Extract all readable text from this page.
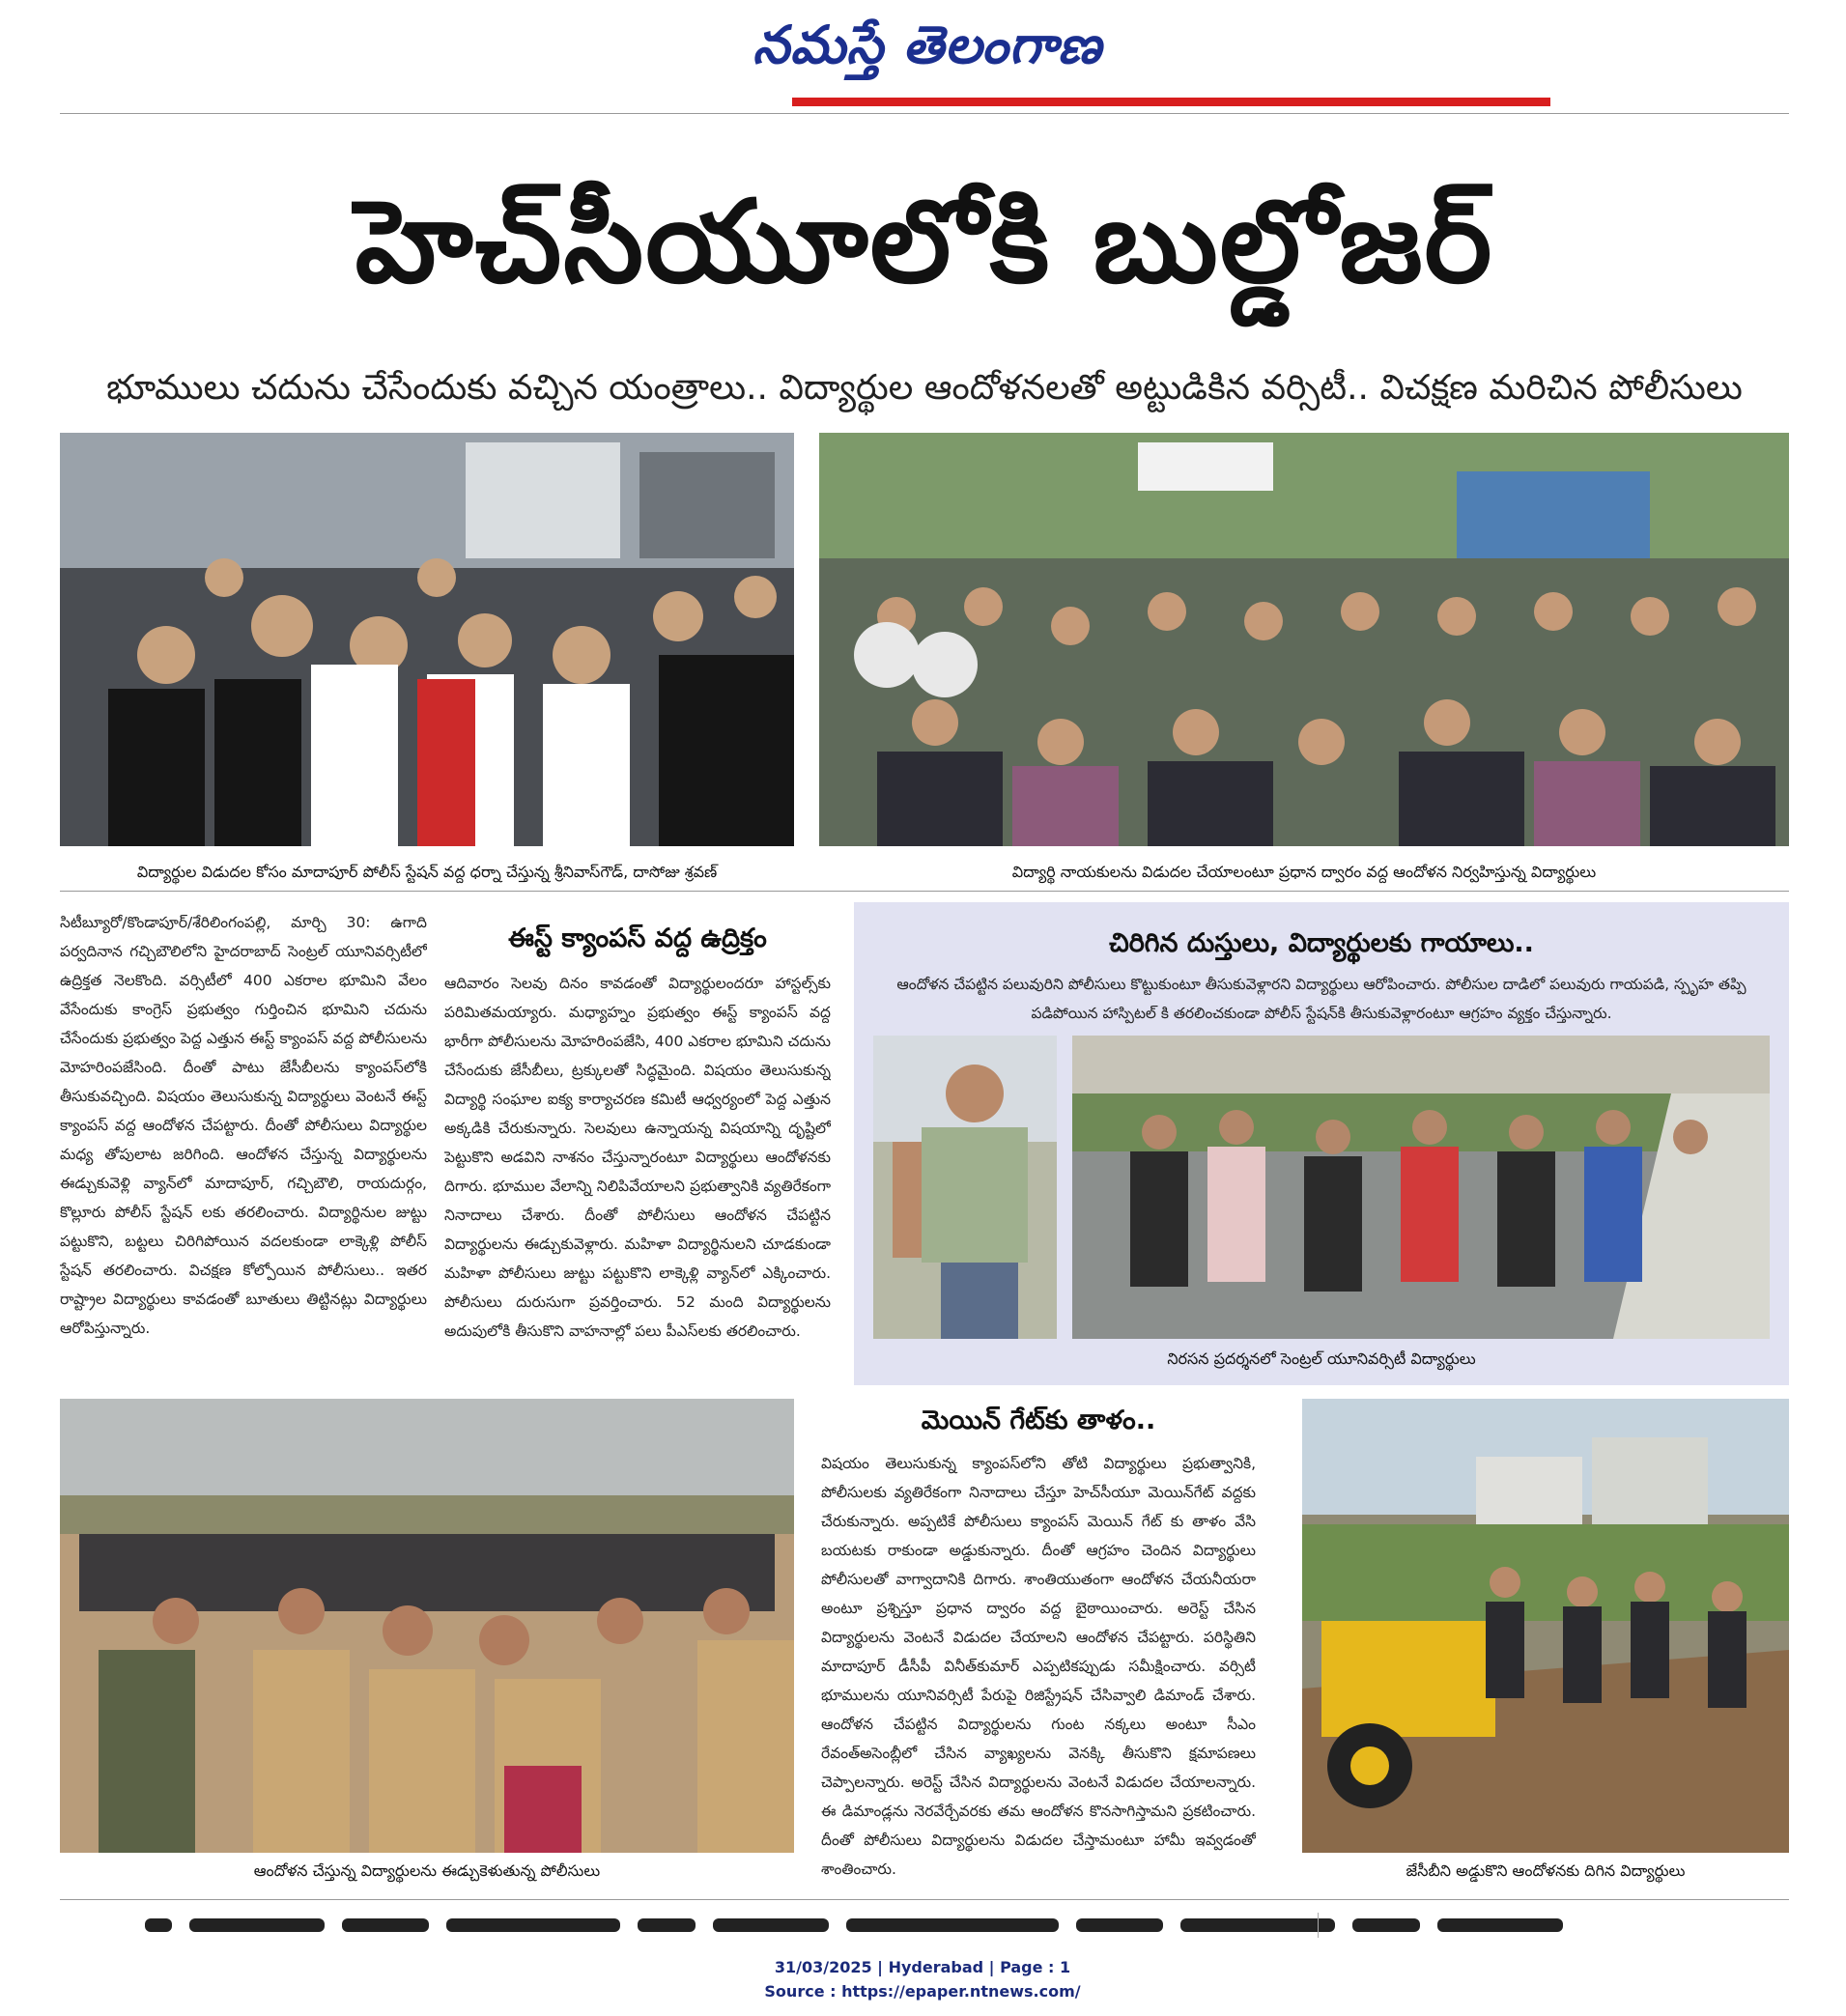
నమస్తే తెలంగాణ
హెచ్‌సీయూలోకి బుల్డోజర్
భూములు చదును చేసేందుకు వచ్చిన యంత్రాలు.. విద్యార్థుల ఆందోళనలతో అట్టుడికిన వర్సిటీ.. విచక్షణ మరిచిన పోలీసులు
విద్యార్థుల విడుదల కోసం మాదాపూర్ పోలీస్ స్టేషన్ వద్ద ధర్నా చేస్తున్న శ్రీనివాస్‌గౌడ్, దాసోజు శ్రవణ్	విద్యార్థి నాయకులను విడుదల చేయాలంటూ ప్రధాన ద్వారం వద్ద ఆందోళన నిర్వహిస్తున్న విద్యార్థులు
సిటీబ్యూరో/కొండాపూర్/శేరిలింగంపల్లి, మార్చి 30: ఉగాది పర్వదినాన గచ్చిబౌలిలోని హైదరాబాద్ సెంట్రల్ యూనివర్సిటీలో ఉద్రిక్తత నెలకొంది. వర్సిటీలో 400 ఎకరాల భూమిని వేలం వేసేందుకు కాంగ్రెస్ ప్రభుత్వం గుర్తించిన భూమిని చదును చేసేందుకు ప్రభుత్వం పెద్ద ఎత్తున ఈస్ట్ క్యాంపస్ వద్ద పోలీసులను మోహరింపజేసింది. దీంతో పాటు జేసీబీలను క్యాంపస్‌లోకి తీసుకువచ్చింది. విషయం తెలుసుకున్న విద్యార్థులు వెంటనే ఈస్ట్ క్యాంపస్ వద్ద ఆందోళన చేపట్టారు. దీంతో పోలీసులు విద్యార్థుల మధ్య తోపులాట జరిగింది. ఆందోళన చేస్తున్న విద్యార్థులను ఈడ్చుకువెళ్లి వ్యాన్‌లో మాదాపూర్, గచ్చిబౌలి, రాయదుర్గం, కొల్లూరు పోలీస్ స్టేషన్ లకు తరలించారు. విద్యార్థినుల జుట్టు పట్టుకొని, బట్టలు చిరిగిపోయిన వదలకుండా లాక్కెళ్లి పోలీస్ స్టేషన్ తరలించారు. విచక్షణ కోల్పోయిన పోలీసులు.. ఇతర రాష్ట్రాల విద్యార్థులు కావడంతో బూతులు తిట్టినట్లు విద్యార్థులు ఆరోపిస్తున్నారు.
ఈస్ట్ క్యాంపస్ వద్ద ఉద్రిక్తం
ఆదివారం సెలవు దినం కావడంతో విద్యార్థులందరూ హాస్టల్స్‌కు పరిమితమయ్యారు. మధ్యాహ్నం ప్రభుత్వం ఈస్ట్ క్యాంపస్ వద్ద భారీగా పోలీసులను మోహరింపజేసి, 400 ఎకరాల భూమిని చదును చేసేందుకు జేసీబీలు, ట్రక్కులతో సిద్ధమైంది. విషయం తెలుసుకున్న విద్యార్థి సంఘాల ఐక్య కార్యాచరణ కమిటీ ఆధ్వర్యంలో పెద్ద ఎత్తున అక్కడికి చేరుకున్నారు. సెలవులు ఉన్నాయన్న విషయాన్ని దృష్టిలో పెట్టుకొని అడవిని నాశనం చేస్తున్నారంటూ విద్యార్థులు ఆందోళనకు దిగారు. భూముల వేలాన్ని నిలిపివేయాలని ప్రభుత్వానికి వ్యతిరేకంగా నినాదాలు చేశారు. దీంతో పోలీసులు ఆందోళన చేపట్టిన విద్యార్థులను ఈడ్చుకువెళ్లారు. మహిళా విద్యార్థినులని చూడకుండా మహిళా పోలీసులు జుట్టు పట్టుకొని లాక్కెళ్లి వ్యాన్‌లో ఎక్కించారు. పోలీసులు దురుసుగా ప్రవర్తించారు. 52 మంది విద్యార్థులను అదుపులోకి తీసుకొని వాహనాల్లో పలు పీఎస్‌లకు తరలించారు.
చిరిగిన దుస్తులు, విద్యార్థులకు గాయాలు..
ఆందోళన చేపట్టిన పలువురిని పోలీసులు కొట్టుకుంటూ తీసుకువెళ్లారని విద్యార్థులు ఆరోపించారు. పోలీసుల దాడిలో పలువురు గాయపడి, స్పృహ తప్పి పడిపోయిన హాస్పిటల్ కి తరలించకుండా పోలీస్ స్టేషన్‌కి తీసుకువెళ్లారంటూ ఆగ్రహం వ్యక్తం చేస్తున్నారు.
నిరసన ప్రదర్శనలో సెంట్రల్ యూనివర్సిటీ విద్యార్థులు
ఆందోళన చేస్తున్న విద్యార్థులను ఈడ్చుకెళుతున్న పోలీసులు
మెయిన్ గేట్‌కు తాళం..
విషయం తెలుసుకున్న క్యాంపస్‌లోని తోటి విద్యార్థులు ప్రభుత్వానికి, పోలీసులకు వ్యతిరేకంగా నినాదాలు చేస్తూ హెచ్‌సీయూ మెయిన్‌గేట్ వద్దకు చేరుకున్నారు. అప్పటికే పోలీసులు క్యాంపస్ మెయిన్ గేట్ కు తాళం వేసి బయటకు రాకుండా అడ్డుకున్నారు. దీంతో ఆగ్రహం చెందిన విద్యార్థులు పోలీసులతో వాగ్వాదానికి దిగారు. శాంతియుతంగా ఆందోళన చేయనీయరా అంటూ ప్రశ్నిస్తూ ప్రధాన ద్వారం వద్ద బైఠాయించారు. అరెస్ట్ చేసిన విద్యార్థులను వెంటనే విడుదల చేయాలని ఆందోళన చేపట్టారు. పరిస్థితిని మాదాపూర్ డీసీపీ వినీత్‌కుమార్ ఎప్పటికప్పుడు సమీక్షించారు. వర్సిటీ భూములను యూనివర్సిటీ పేరుపై రిజిస్ట్రేషన్ చేసివ్వాలి డిమాండ్ చేశారు. ఆందోళన చేపట్టిన విద్యార్థులను గుంట నక్కలు అంటూ సీఎం రేవంత్‌అసెంబ్లీలో చేసిన వ్యాఖ్యలను వెనక్కి తీసుకొని క్షమాపణలు చెప్పాలన్నారు. అరెస్ట్ చేసిన విద్యార్థులను వెంటనే విడుదల చేయాలన్నారు. ఈ డిమాండ్లను నెరవేర్చేవరకు తమ ఆందోళన కొనసాగిస్తామని ప్రకటించారు. దీంతో పోలీసులు విద్యార్థులను విడుదల చేస్తామంటూ హామీ ఇవ్వడంతో శాంతించారు.	జేసీబీని అడ్డుకొని ఆందోళనకు దిగిన విద్యార్థులు
31/03/2025 | Hyderabad | Page : 1
Source : https://epaper.ntnews.com/
